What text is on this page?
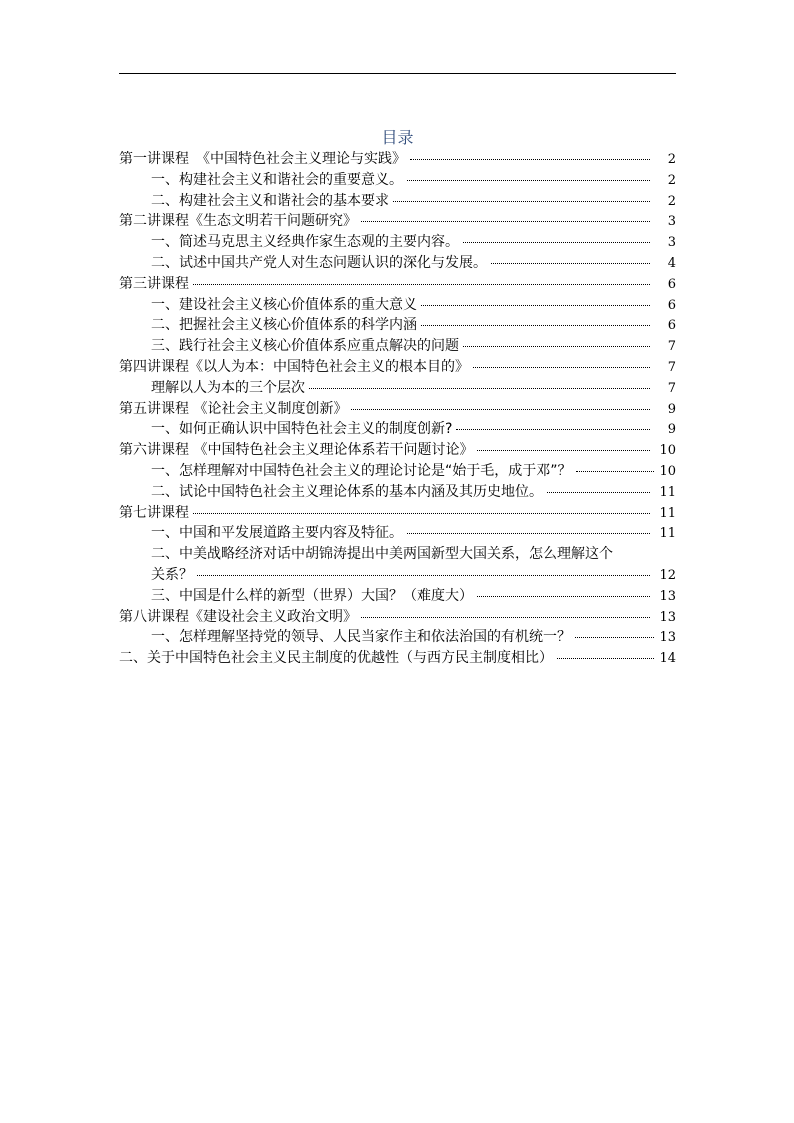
目录
第一讲课程　《中国特色社会主义理论与实践》	2
一、构建社会主义和谐社会的重要意义。	2
二、构建社会主义和谐社会的基本要求	2
第二讲课程《生态文明若干问题研究》	3
一、简述马克思主义经典作家生态观的主要内容。	3
二、试述中国共产党人对生态问题认识的深化与发展。	4
第三讲课程	6
一、建设社会主义核心价值体系的重大意义	6
二、把握社会主义核心价值体系的科学内涵	6
三、践行社会主义核心价值体系应重点解决的问题	7
第四讲课程《以人为本：中国特色社会主义的根本目的》	7
理解以人为本的三个层次	7
第五讲课程 《论社会主义制度创新》	9
一、如何正确认识中国特色社会主义的制度创新?	9
第六讲课程 《中国特色社会主义理论体系若干问题讨论》	10
一、怎样理解对中国特色社会主义的理论讨论是“始于毛，成于邓”？	10
二、试论中国特色社会主义理论体系的基本内涵及其历史地位。	11
第七讲课程	11
一、中国和平发展道路主要内容及特征。	11
二、中美战略经济对话中胡锦涛提出中美两国新型大国关系，怎么理解这个
关系？	12
三、中国是什么样的新型（世界）大国？（难度大）	13
第八讲课程《建设社会主义政治文明》	13
一、怎样理解坚持党的领导、人民当家作主和依法治国的有机统一？	13
二、关于中国特色社会主义民主制度的优越性（与西方民主制度相比）	14
